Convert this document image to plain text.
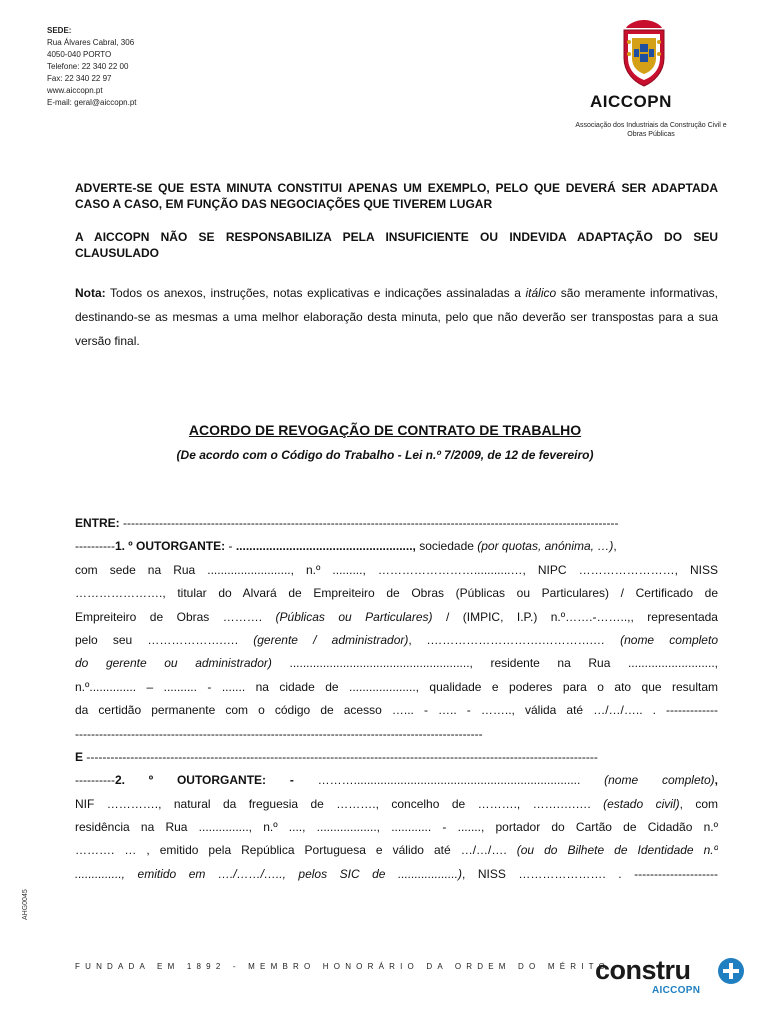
SEDE:
Rua Álvares Cabral, 306
4050-040 PORTO
Telefone: 22 340 22 00
Fax: 22 340 22 97
www.aiccopn.pt
E-mail: geral@aiccopn.pt	AICCOPN
Associação dos Industriais da Construção Civil e Obras Públicas
ADVERTE-SE QUE ESTA MINUTA CONSTITUI APENAS UM EXEMPLO, PELO QUE DEVERÁ SER ADAPTADA CASO A CASO, EM FUNÇÃO DAS NEGOCIAÇÕES QUE TIVEREM LUGAR
A AICCOPN NÃO SE RESPONSABILIZA PELA INSUFICIENTE OU INDEVIDA ADAPTAÇÃO DO SEU CLAUSULADO
Nota: Todos os anexos, instruções, notas explicativas e indicações assinaladas a itálico são meramente informativas, destinando-se as mesmas a uma melhor elaboração desta minuta, pelo que não deverão ser transpostas para a sua versão final.
ACORDO DE REVOGAÇÃO DE CONTRATO DE TRABALHO
(De acordo com o Código do Trabalho - Lei n.º 7/2009, de 12 de fevereiro)
ENTRE: ----------------------------------------------------------------------------------------------------------------------------
----------1. º OUTORGANTE: - ....................................................., sociedade (por quotas, anónima, …),
com sede na Rua ........................., n.º ........., ……………………...........…, NIPC ……………………, NISS
…………………., titular do Alvará de Empreiteiro de Obras (Públicas ou Particulares) / Certificado de
Empreiteiro de Obras ………. (Públicas ou Particulares) / (IMPIC, I.P.) n.º…….-……..,, representada
pelo seu ……………….…. (gerente / administrador), .……………………….………….… (nome completo
do gerente ou administrador) ......................................................, residente na Rua ..........................,
n.º.............. – .......... - ....... na cidade de ...................., qualidade e poderes para o ato que resultam
da certidão permanente com o código de acesso …... - ….. - …….., válida até …/…/….. . -------------
------------------------------------------------------------------------------------------------------
E --------------------------------------------------------------------------------------------------------------------------------
----------2. º OUTORGANTE: - ……….................................................................... (nome completo),
NIF …………., natural da freguesia de ………., concelho de ………., …….….…. (estado civil), com
residência na Rua ..............., n.º ...., .................., ............ - ......., portador do Cartão de Cidadão n.º
………. … , emitido pela República Portuguesa e válido até …/…/…. (ou do Bilhete de Identidade n.º
.............., emitido em …./……/….., pelos SIC de ..................), NISS …………………. . ---------------------
AHG0045
FUNDADA EM 1892 - MEMBRO HONORÁRIO DA ORDEM DO MÉRITO
constru
AICCOPN
